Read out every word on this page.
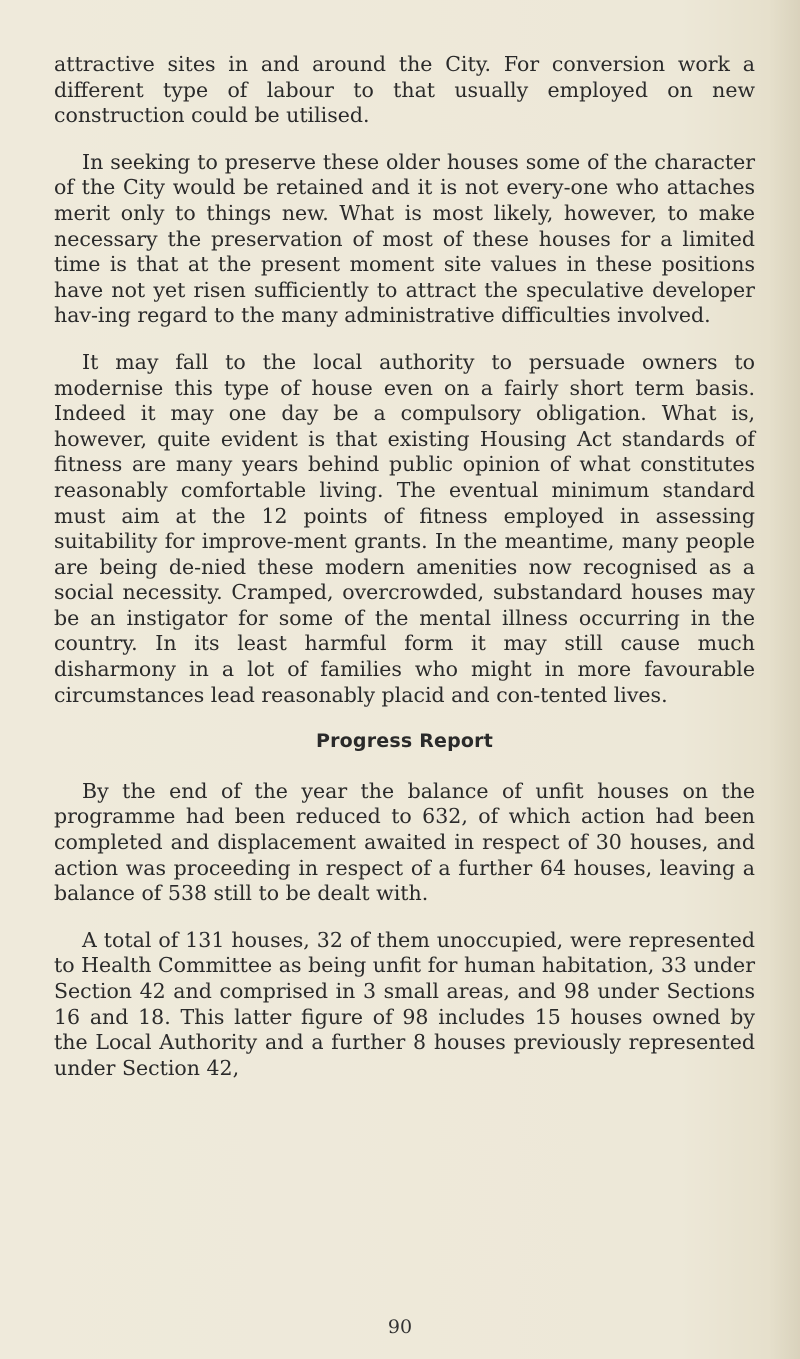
attractive sites in and around the City. For conversion work a different type of labour to that usually employed on new construction could be utilised.

In seeking to preserve these older houses some of the character of the City would be retained and it is not every-one who attaches merit only to things new. What is most likely, however, to make necessary the preservation of most of these houses for a limited time is that at the present moment site values in these positions have not yet risen sufficiently to attract the speculative developer hav-ing regard to the many administrative difficulties involved.

It may fall to the local authority to persuade owners to modernise this type of house even on a fairly short term basis. Indeed it may one day be a compulsory obligation. What is, however, quite evident is that existing Housing Act standards of fitness are many years behind public opinion of what constitutes reasonably comfortable living. The eventual minimum standard must aim at the 12 points of fitness employed in assessing suitability for improve-ment grants. In the meantime, many people are being de-nied these modern amenities now recognised as a social necessity. Cramped, overcrowded, substandard houses may be an instigator for some of the mental illness occurring in the country. In its least harmful form it may still cause much disharmony in a lot of families who might in more favourable circumstances lead reasonably placid and con-tented lives.

Progress Report

By the end of the year the balance of unfit houses on the programme had been reduced to 632, of which action had been completed and displacement awaited in respect of 30 houses, and action was proceeding in respect of a further 64 houses, leaving a balance of 538 still to be dealt with.

A total of 131 houses, 32 of them unoccupied, were represented to Health Committee as being unfit for human habitation, 33 under Section 42 and comprised in 3 small areas, and 98 under Sections 16 and 18. This latter figure of 98 includes 15 houses owned by the Local Authority and a further 8 houses previously represented under Section 42,

90
